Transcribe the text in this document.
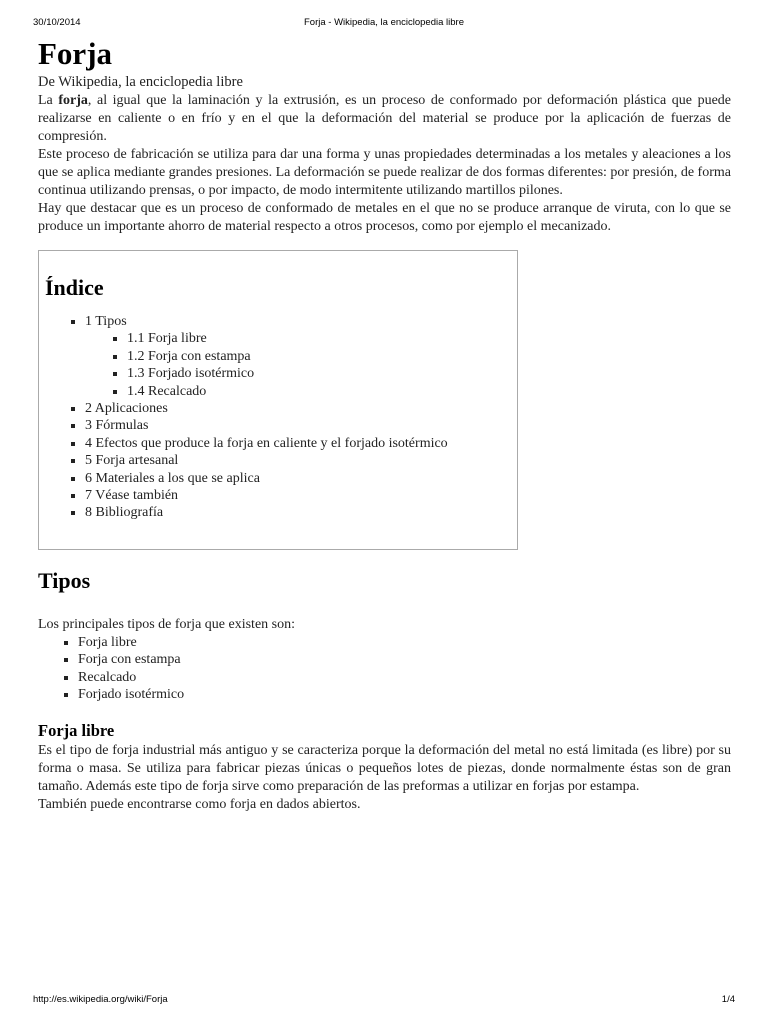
30/10/2014	Forja - Wikipedia, la enciclopedia libre
Forja
De Wikipedia, la enciclopedia libre

La forja, al igual que la laminación y la extrusión, es un proceso de conformado por deformación plástica que puede realizarse en caliente o en frío y en el que la deformación del material se produce por la aplicación de fuerzas de compresión.

Este proceso de fabricación se utiliza para dar una forma y unas propiedades determinadas a los metales y aleaciones a los que se aplica mediante grandes presiones. La deformación se puede realizar de dos formas diferentes: por presión, de forma continua utilizando prensas, o por impacto, de modo intermitente utilizando martillos pilones.

Hay que destacar que es un proceso de conformado de metales en el que no se produce arranque de viruta, con lo que se produce un importante ahorro de material respecto a otros procesos, como por ejemplo el mecanizado.

Índice
▪ 1 Tipos
▪ 1.1 Forja libre
▪ 1.2 Forja con estampa
▪ 1.3 Forjado isotérmico
▪ 1.4 Recalcado
▪ 2 Aplicaciones
▪ 3 Fórmulas
▪ 4 Efectos que produce la forja en caliente y el forjado isotérmico
▪ 5 Forja artesanal
▪ 6 Materiales a los que se aplica
▪ 7 Véase también
▪ 8 Bibliografía
Tipos
Los principales tipos de forja que existen son:
▪ Forja libre
▪ Forja con estampa
▪ Recalcado
▪ Forjado isotérmico
Forja libre

Es el tipo de forja industrial más antiguo y se caracteriza porque la deformación del metal no está limitada (es libre) por su forma o masa. Se utiliza para fabricar piezas únicas o pequeños lotes de piezas, donde normalmente éstas son de gran tamaño. Además este tipo de forja sirve como preparación de las preformas a utilizar en forjas por estampa.

También puede encontrarse como forja en dados abiertos.

http://es.wikipedia.org/wiki/Forja	1/4
